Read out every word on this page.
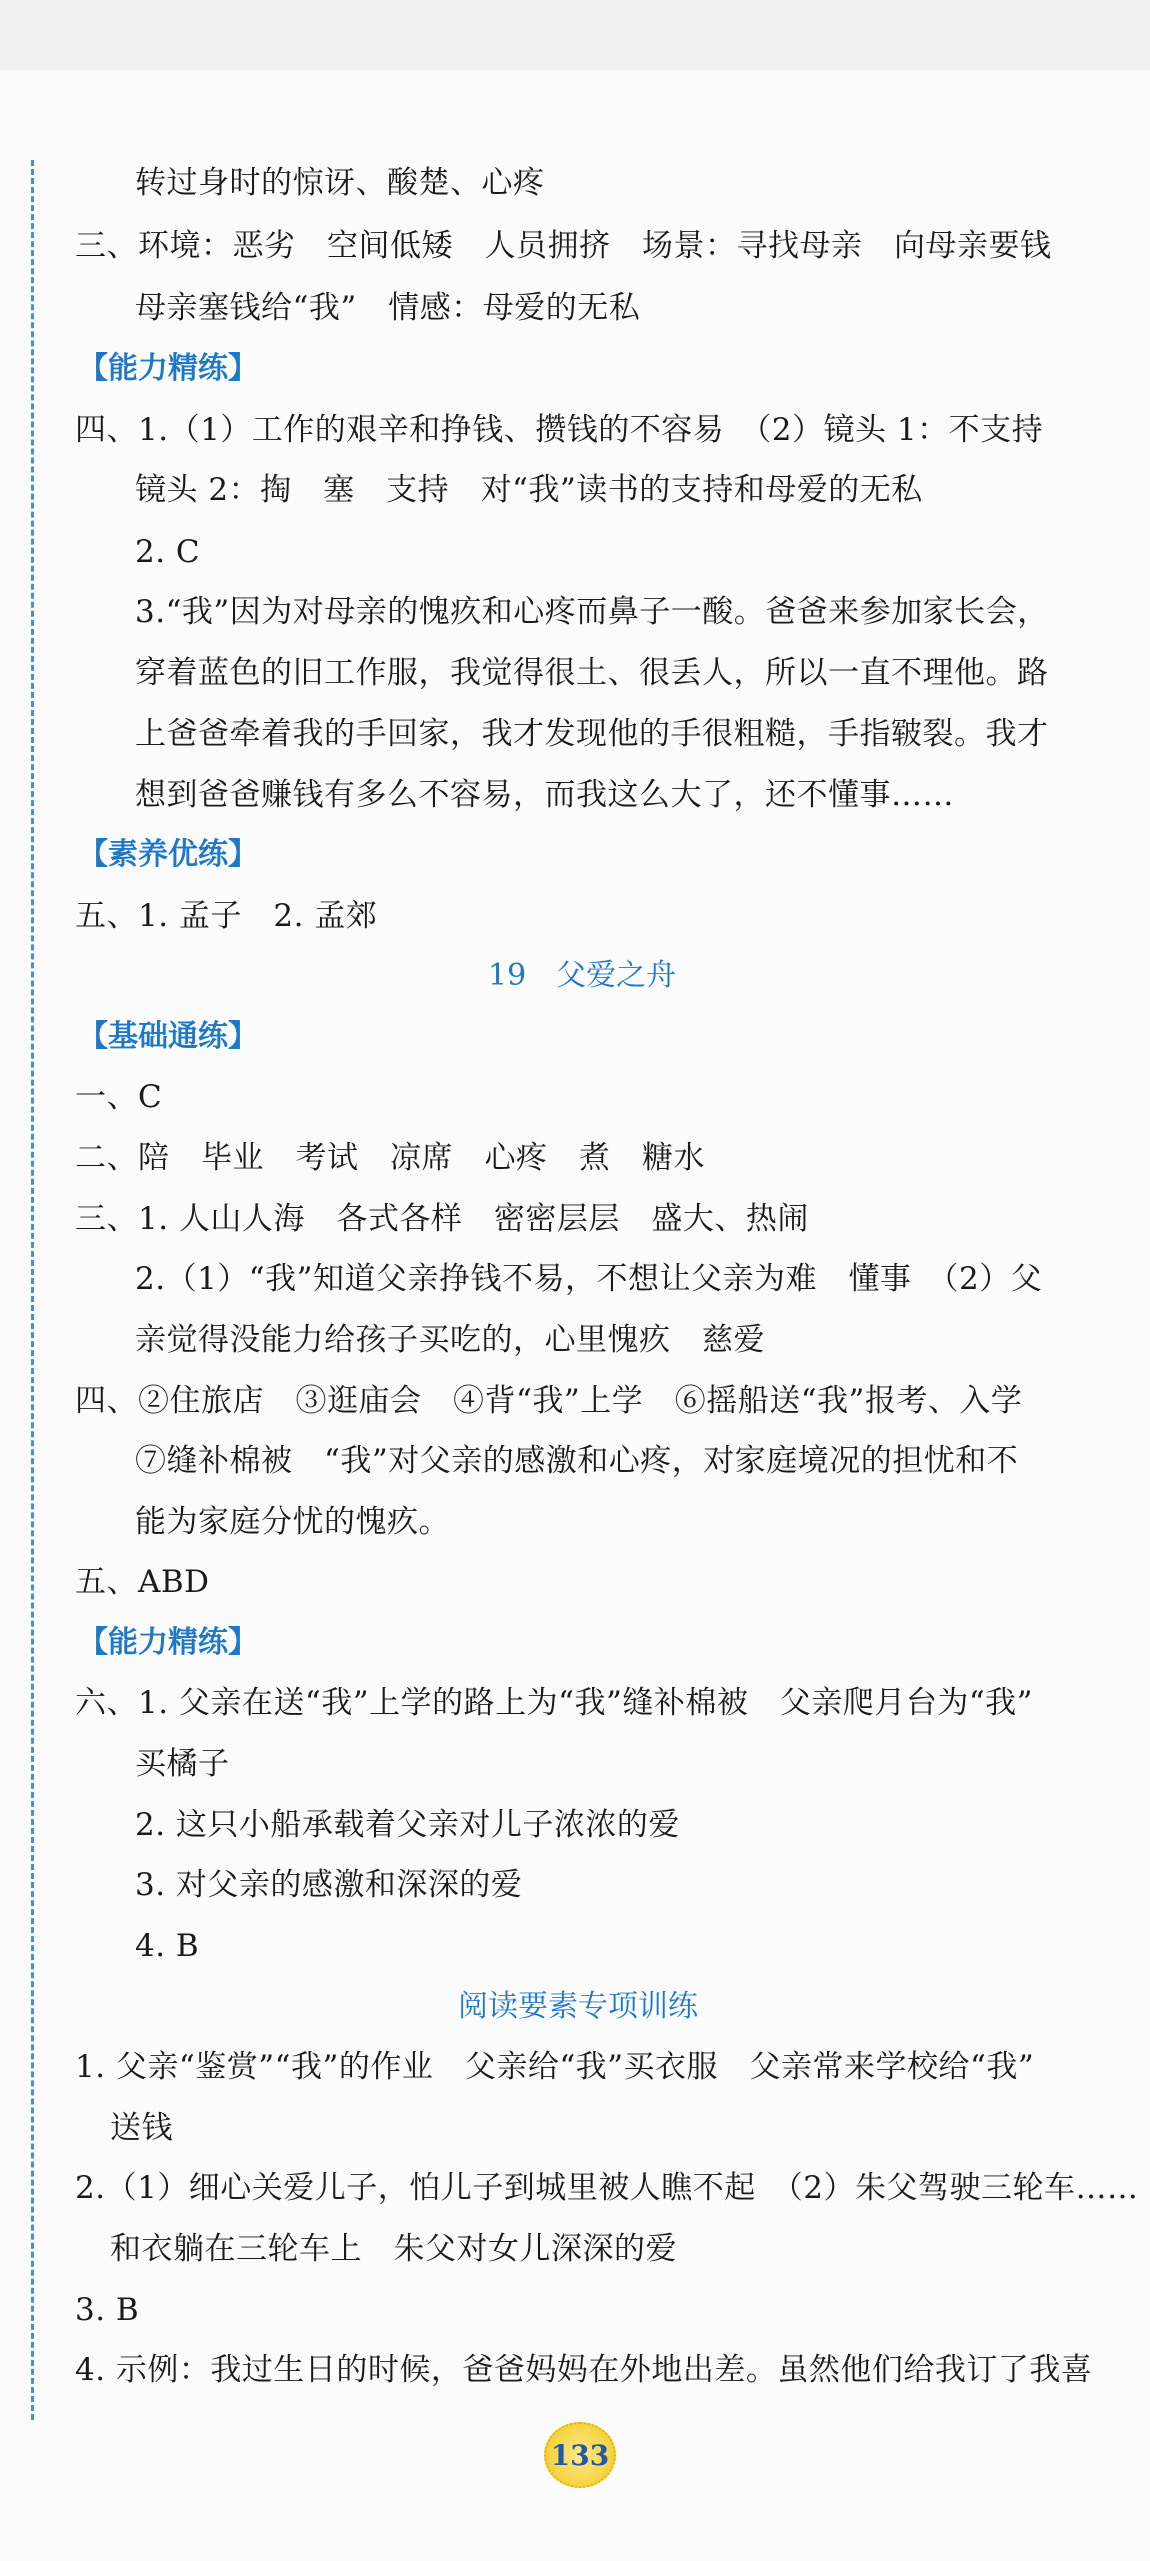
转过身时的惊讶、酸楚、心疼
三、环境：恶劣　空间低矮　人员拥挤　场景：寻找母亲　向母亲要钱
母亲塞钱给“我”　情感：母爱的无私
【能力精练】
四、1.（1）工作的艰辛和挣钱、攒钱的不容易　（2）镜头 1：不支持
镜头 2：掏　塞　支持　对“我”读书的支持和母爱的无私
2. C
3.“我”因为对母亲的愧疚和心疼而鼻子一酸。爸爸来参加家长会，
穿着蓝色的旧工作服，我觉得很土、很丢人，所以一直不理他。路
上爸爸牵着我的手回家，我才发现他的手很粗糙，手指皲裂。我才
想到爸爸赚钱有多么不容易，而我这么大了，还不懂事……
【素养优练】
五、1. 孟子　2. 孟郊
19　父爱之舟
【基础通练】
一、C
二、陪　毕业　考试　凉席　心疼　煮　糖水
三、1. 人山人海　各式各样　密密层层　盛大、热闹
2.（1）“我”知道父亲挣钱不易，不想让父亲为难　懂事　（2）父
亲觉得没能力给孩子买吃的，心里愧疚　慈爱
四、②住旅店　③逛庙会　④背“我”上学　⑥摇船送“我”报考、入学
⑦缝补棉被　“我”对父亲的感激和心疼，对家庭境况的担忧和不
能为家庭分忧的愧疚。
五、ABD
【能力精练】
六、1. 父亲在送“我”上学的路上为“我”缝补棉被　父亲爬月台为“我”
买橘子
2. 这只小船承载着父亲对儿子浓浓的爱
3. 对父亲的感激和深深的爱
4. B
阅读要素专项训练
1. 父亲“鉴赏”“我”的作业　父亲给“我”买衣服　父亲常来学校给“我”
送钱
2.（1）细心关爱儿子，怕儿子到城里被人瞧不起　（2）朱父驾驶三轮车……
和衣躺在三轮车上　朱父对女儿深深的爱
3. B
4. 示例：我过生日的时候，爸爸妈妈在外地出差。虽然他们给我订了我喜
133
